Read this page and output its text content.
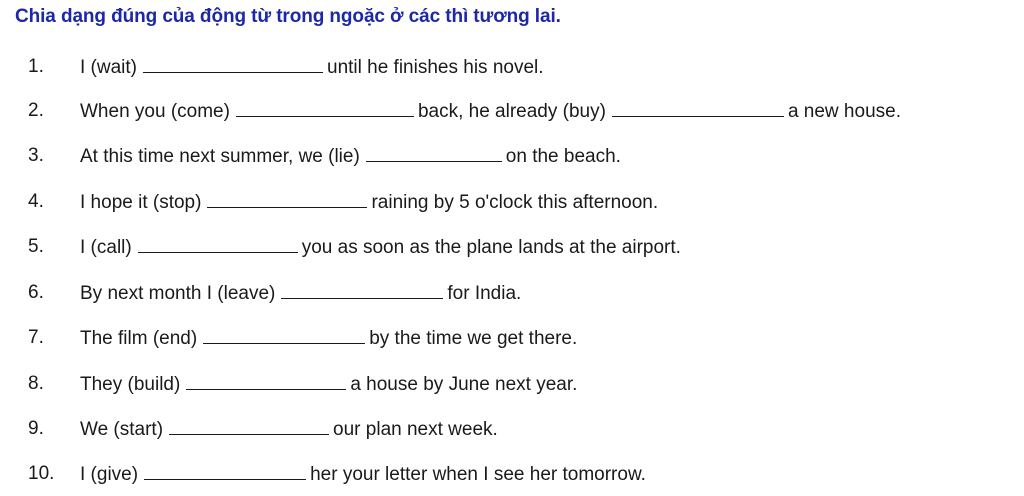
Chia dạng đúng của động từ trong ngoặc ở các thì tương lai.
1. I (wait)	until he finishes his novel.
2. When you (come)	back, he already (buy)	a new house.
3. At this time next summer, we (lie)	on the beach.
4. I hope it (stop)	raining by 5 o'clock this afternoon.
5. I (call)	you as soon as the plane lands at the airport.
6. By next month I (leave)	for India.
7. The film (end)	by the time we get there.
8. They (build)	a house by June next year.
9. We (start)	our plan next week.
10. I (give)	her your letter when I see her tomorrow.
